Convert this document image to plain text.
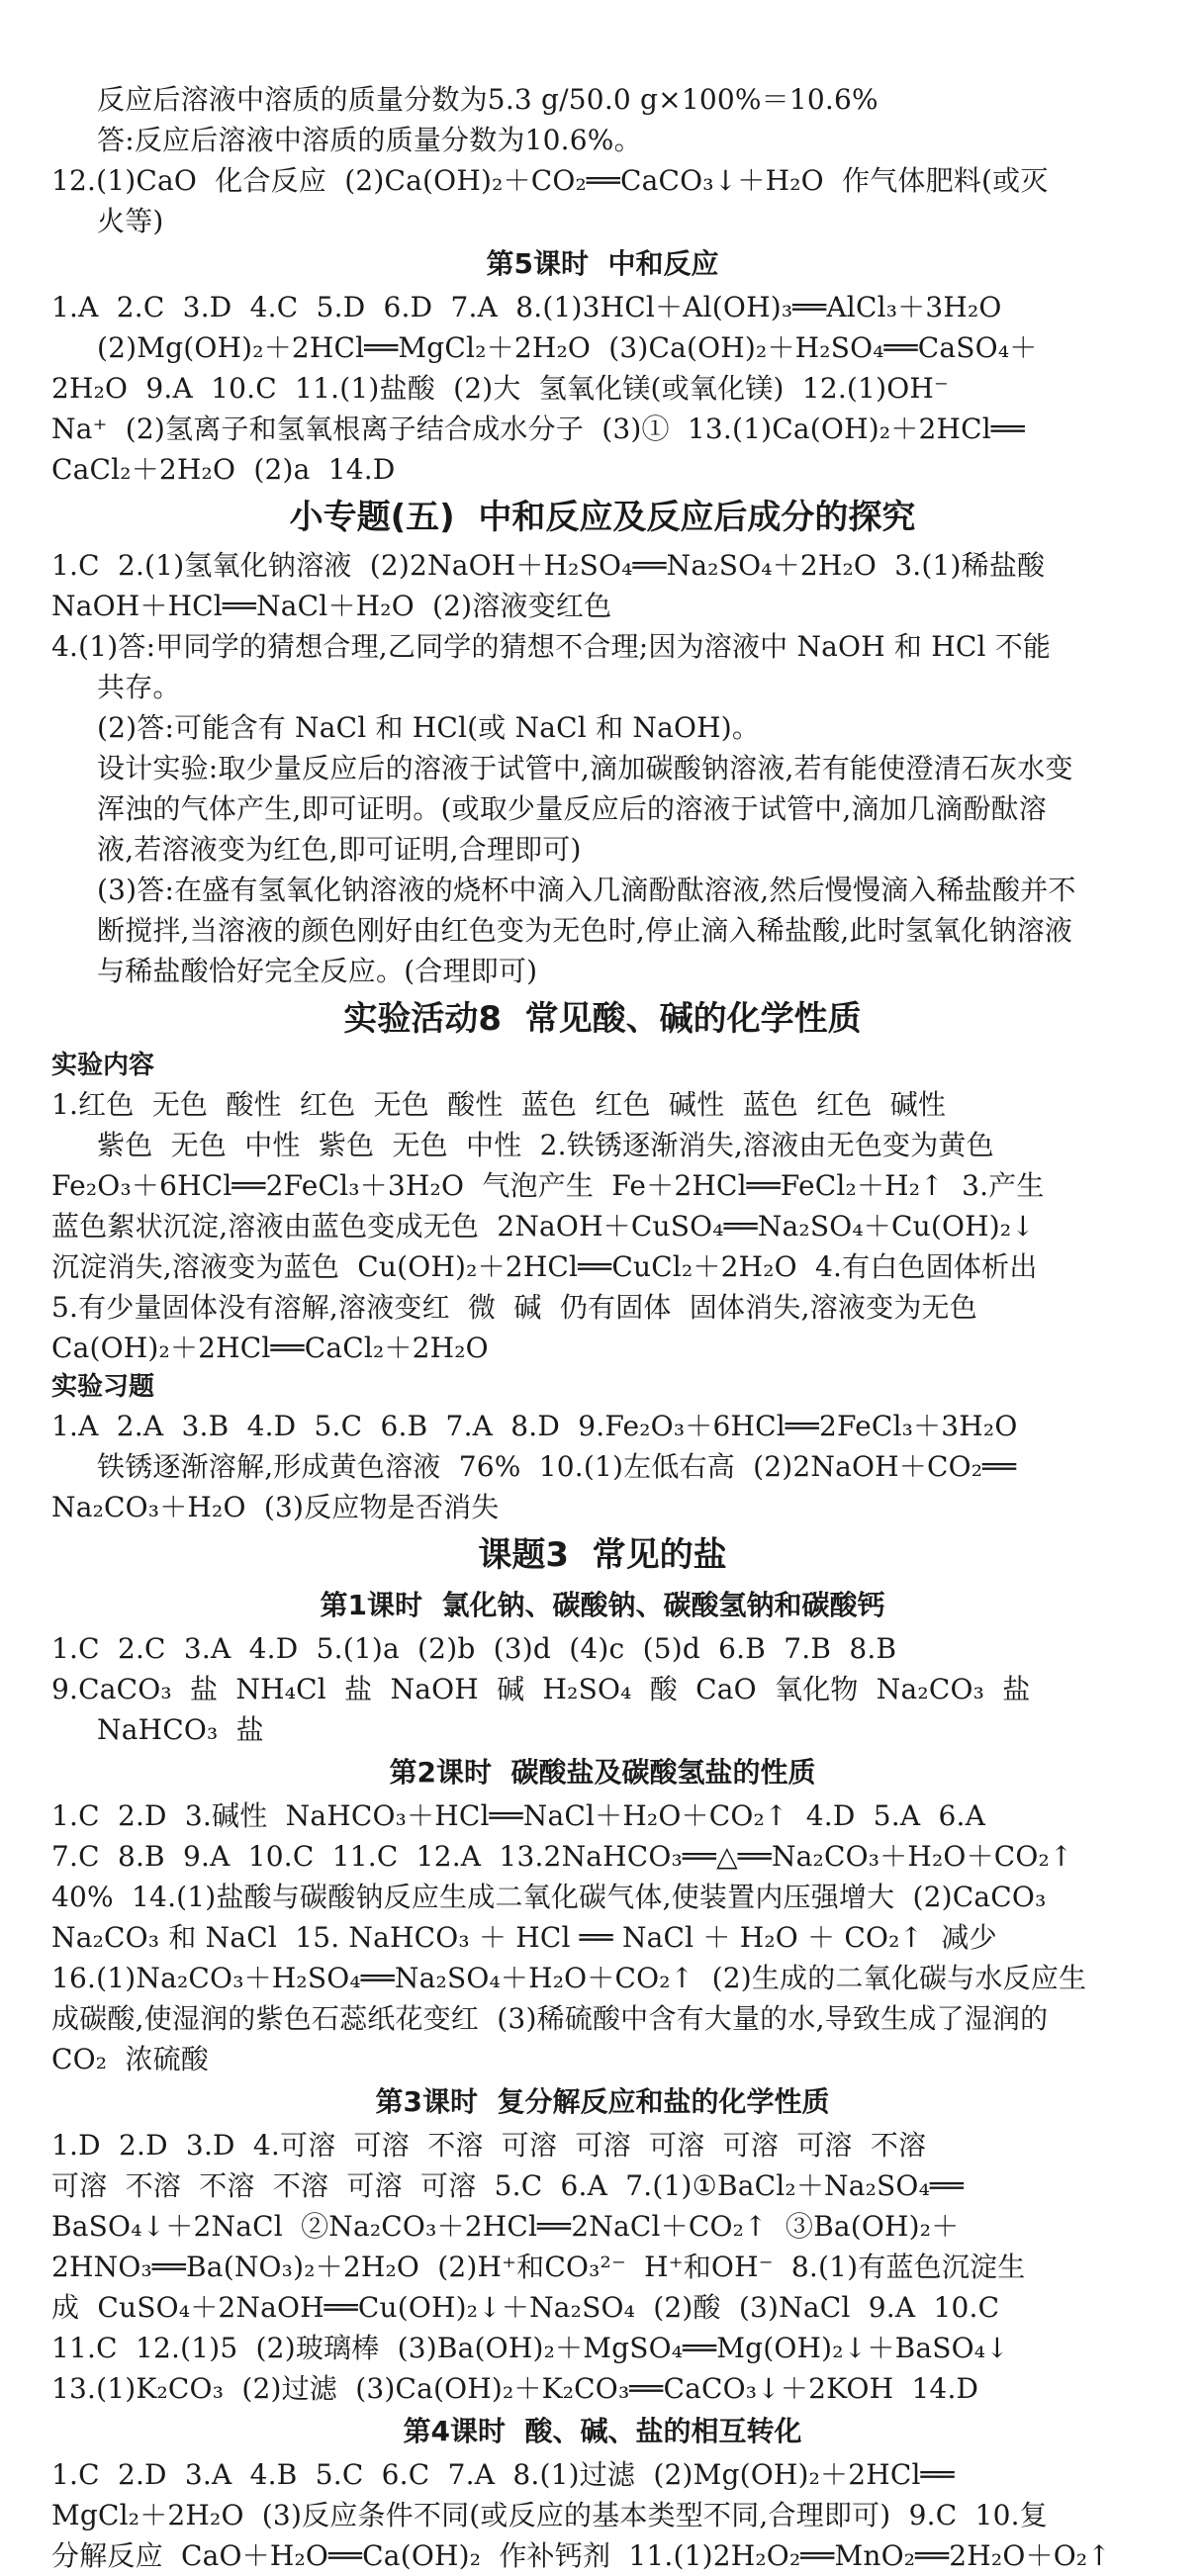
反应后溶液中溶质的质量分数为5.3 g/50.0 g×100%＝10.6%
答:反应后溶液中溶质的质量分数为10.6%。
12.(1)CaO  化合反应  (2)Ca(OH)₂＋CO₂══CaCO₃↓＋H₂O  作气体肥料(或灭
火等)
第5课时  中和反应
1.A  2.C  3.D  4.C  5.D  6.D  7.A  8.(1)3HCl＋Al(OH)₃══AlCl₃＋3H₂O
(2)Mg(OH)₂＋2HCl══MgCl₂＋2H₂O  (3)Ca(OH)₂＋H₂SO₄══CaSO₄＋
2H₂O  9.A  10.C  11.(1)盐酸  (2)大  氢氧化镁(或氧化镁)  12.(1)OH⁻
Na⁺  (2)氢离子和氢氧根离子结合成水分子  (3)①  13.(1)Ca(OH)₂＋2HCl══
CaCl₂＋2H₂O  (2)a  14.D
小专题(五)  中和反应及反应后成分的探究
1.C  2.(1)氢氧化钠溶液  (2)2NaOH＋H₂SO₄══Na₂SO₄＋2H₂O  3.(1)稀盐酸
NaOH＋HCl══NaCl＋H₂O  (2)溶液变红色
4.(1)答:甲同学的猜想合理,乙同学的猜想不合理;因为溶液中 NaOH 和 HCl 不能
共存。
(2)答:可能含有 NaCl 和 HCl(或 NaCl 和 NaOH)。
设计实验:取少量反应后的溶液于试管中,滴加碳酸钠溶液,若有能使澄清石灰水变
浑浊的气体产生,即可证明。(或取少量反应后的溶液于试管中,滴加几滴酚酞溶
液,若溶液变为红色,即可证明,合理即可)
(3)答:在盛有氢氧化钠溶液的烧杯中滴入几滴酚酞溶液,然后慢慢滴入稀盐酸并不
断搅拌,当溶液的颜色刚好由红色变为无色时,停止滴入稀盐酸,此时氢氧化钠溶液
与稀盐酸恰好完全反应。(合理即可)
实验活动8  常见酸、碱的化学性质
实验内容
1.红色  无色  酸性  红色  无色  酸性  蓝色  红色  碱性  蓝色  红色  碱性
紫色  无色  中性  紫色  无色  中性  2.铁锈逐渐消失,溶液由无色变为黄色
Fe₂O₃＋6HCl══2FeCl₃＋3H₂O  气泡产生  Fe＋2HCl══FeCl₂＋H₂↑  3.产生
蓝色絮状沉淀,溶液由蓝色变成无色  2NaOH＋CuSO₄══Na₂SO₄＋Cu(OH)₂↓
沉淀消失,溶液变为蓝色  Cu(OH)₂＋2HCl══CuCl₂＋2H₂O  4.有白色固体析出
5.有少量固体没有溶解,溶液变红  微  碱  仍有固体  固体消失,溶液变为无色
Ca(OH)₂＋2HCl══CaCl₂＋2H₂O
实验习题
1.A  2.A  3.B  4.D  5.C  6.B  7.A  8.D  9.Fe₂O₃＋6HCl══2FeCl₃＋3H₂O
铁锈逐渐溶解,形成黄色溶液  76%  10.(1)左低右高  (2)2NaOH＋CO₂══
Na₂CO₃＋H₂O  (3)反应物是否消失
课题3  常见的盐
第1课时  氯化钠、碳酸钠、碳酸氢钠和碳酸钙
1.C  2.C  3.A  4.D  5.(1)a  (2)b  (3)d  (4)c  (5)d  6.B  7.B  8.B
9.CaCO₃  盐  NH₄Cl  盐  NaOH  碱  H₂SO₄  酸  CaO  氧化物  Na₂CO₃  盐
NaHCO₃  盐
第2课时  碳酸盐及碳酸氢盐的性质
1.C  2.D  3.碱性  NaHCO₃＋HCl══NaCl＋H₂O＋CO₂↑  4.D  5.A  6.A
7.C  8.B  9.A  10.C  11.C  12.A  13.2NaHCO₃══△══Na₂CO₃＋H₂O＋CO₂↑
40%  14.(1)盐酸与碳酸钠反应生成二氧化碳气体,使装置内压强增大  (2)CaCO₃
Na₂CO₃ 和 NaCl  15. NaHCO₃ ＋ HCl ══ NaCl ＋ H₂O ＋ CO₂↑  减少
16.(1)Na₂CO₃＋H₂SO₄══Na₂SO₄＋H₂O＋CO₂↑  (2)生成的二氧化碳与水反应生
成碳酸,使湿润的紫色石蕊纸花变红  (3)稀硫酸中含有大量的水,导致生成了湿润的
CO₂  浓硫酸
第3课时  复分解反应和盐的化学性质
1.D  2.D  3.D  4.可溶  可溶  不溶  可溶  可溶  可溶  可溶  可溶  不溶
可溶  不溶  不溶  不溶  可溶  可溶  5.C  6.A  7.(1)①BaCl₂＋Na₂SO₄══
BaSO₄↓＋2NaCl  ②Na₂CO₃＋2HCl══2NaCl＋CO₂↑  ③Ba(OH)₂＋
2HNO₃══Ba(NO₃)₂＋2H₂O  (2)H⁺和CO₃²⁻  H⁺和OH⁻  8.(1)有蓝色沉淀生
成  CuSO₄＋2NaOH══Cu(OH)₂↓＋Na₂SO₄  (2)酸  (3)NaCl  9.A  10.C
11.C  12.(1)5  (2)玻璃棒  (3)Ba(OH)₂＋MgSO₄══Mg(OH)₂↓＋BaSO₄↓
13.(1)K₂CO₃  (2)过滤  (3)Ca(OH)₂＋K₂CO₃══CaCO₃↓＋2KOH  14.D
第4课时  酸、碱、盐的相互转化
1.C  2.D  3.A  4.B  5.C  6.C  7.A  8.(1)过滤  (2)Mg(OH)₂＋2HCl══
MgCl₂＋2H₂O  (3)反应条件不同(或反应的基本类型不同,合理即可)  9.C  10.复
分解反应  CaO＋H₂O══Ca(OH)₂  作补钙剂  11.(1)2H₂O₂══MnO₂══2H₂O＋O₂↑
